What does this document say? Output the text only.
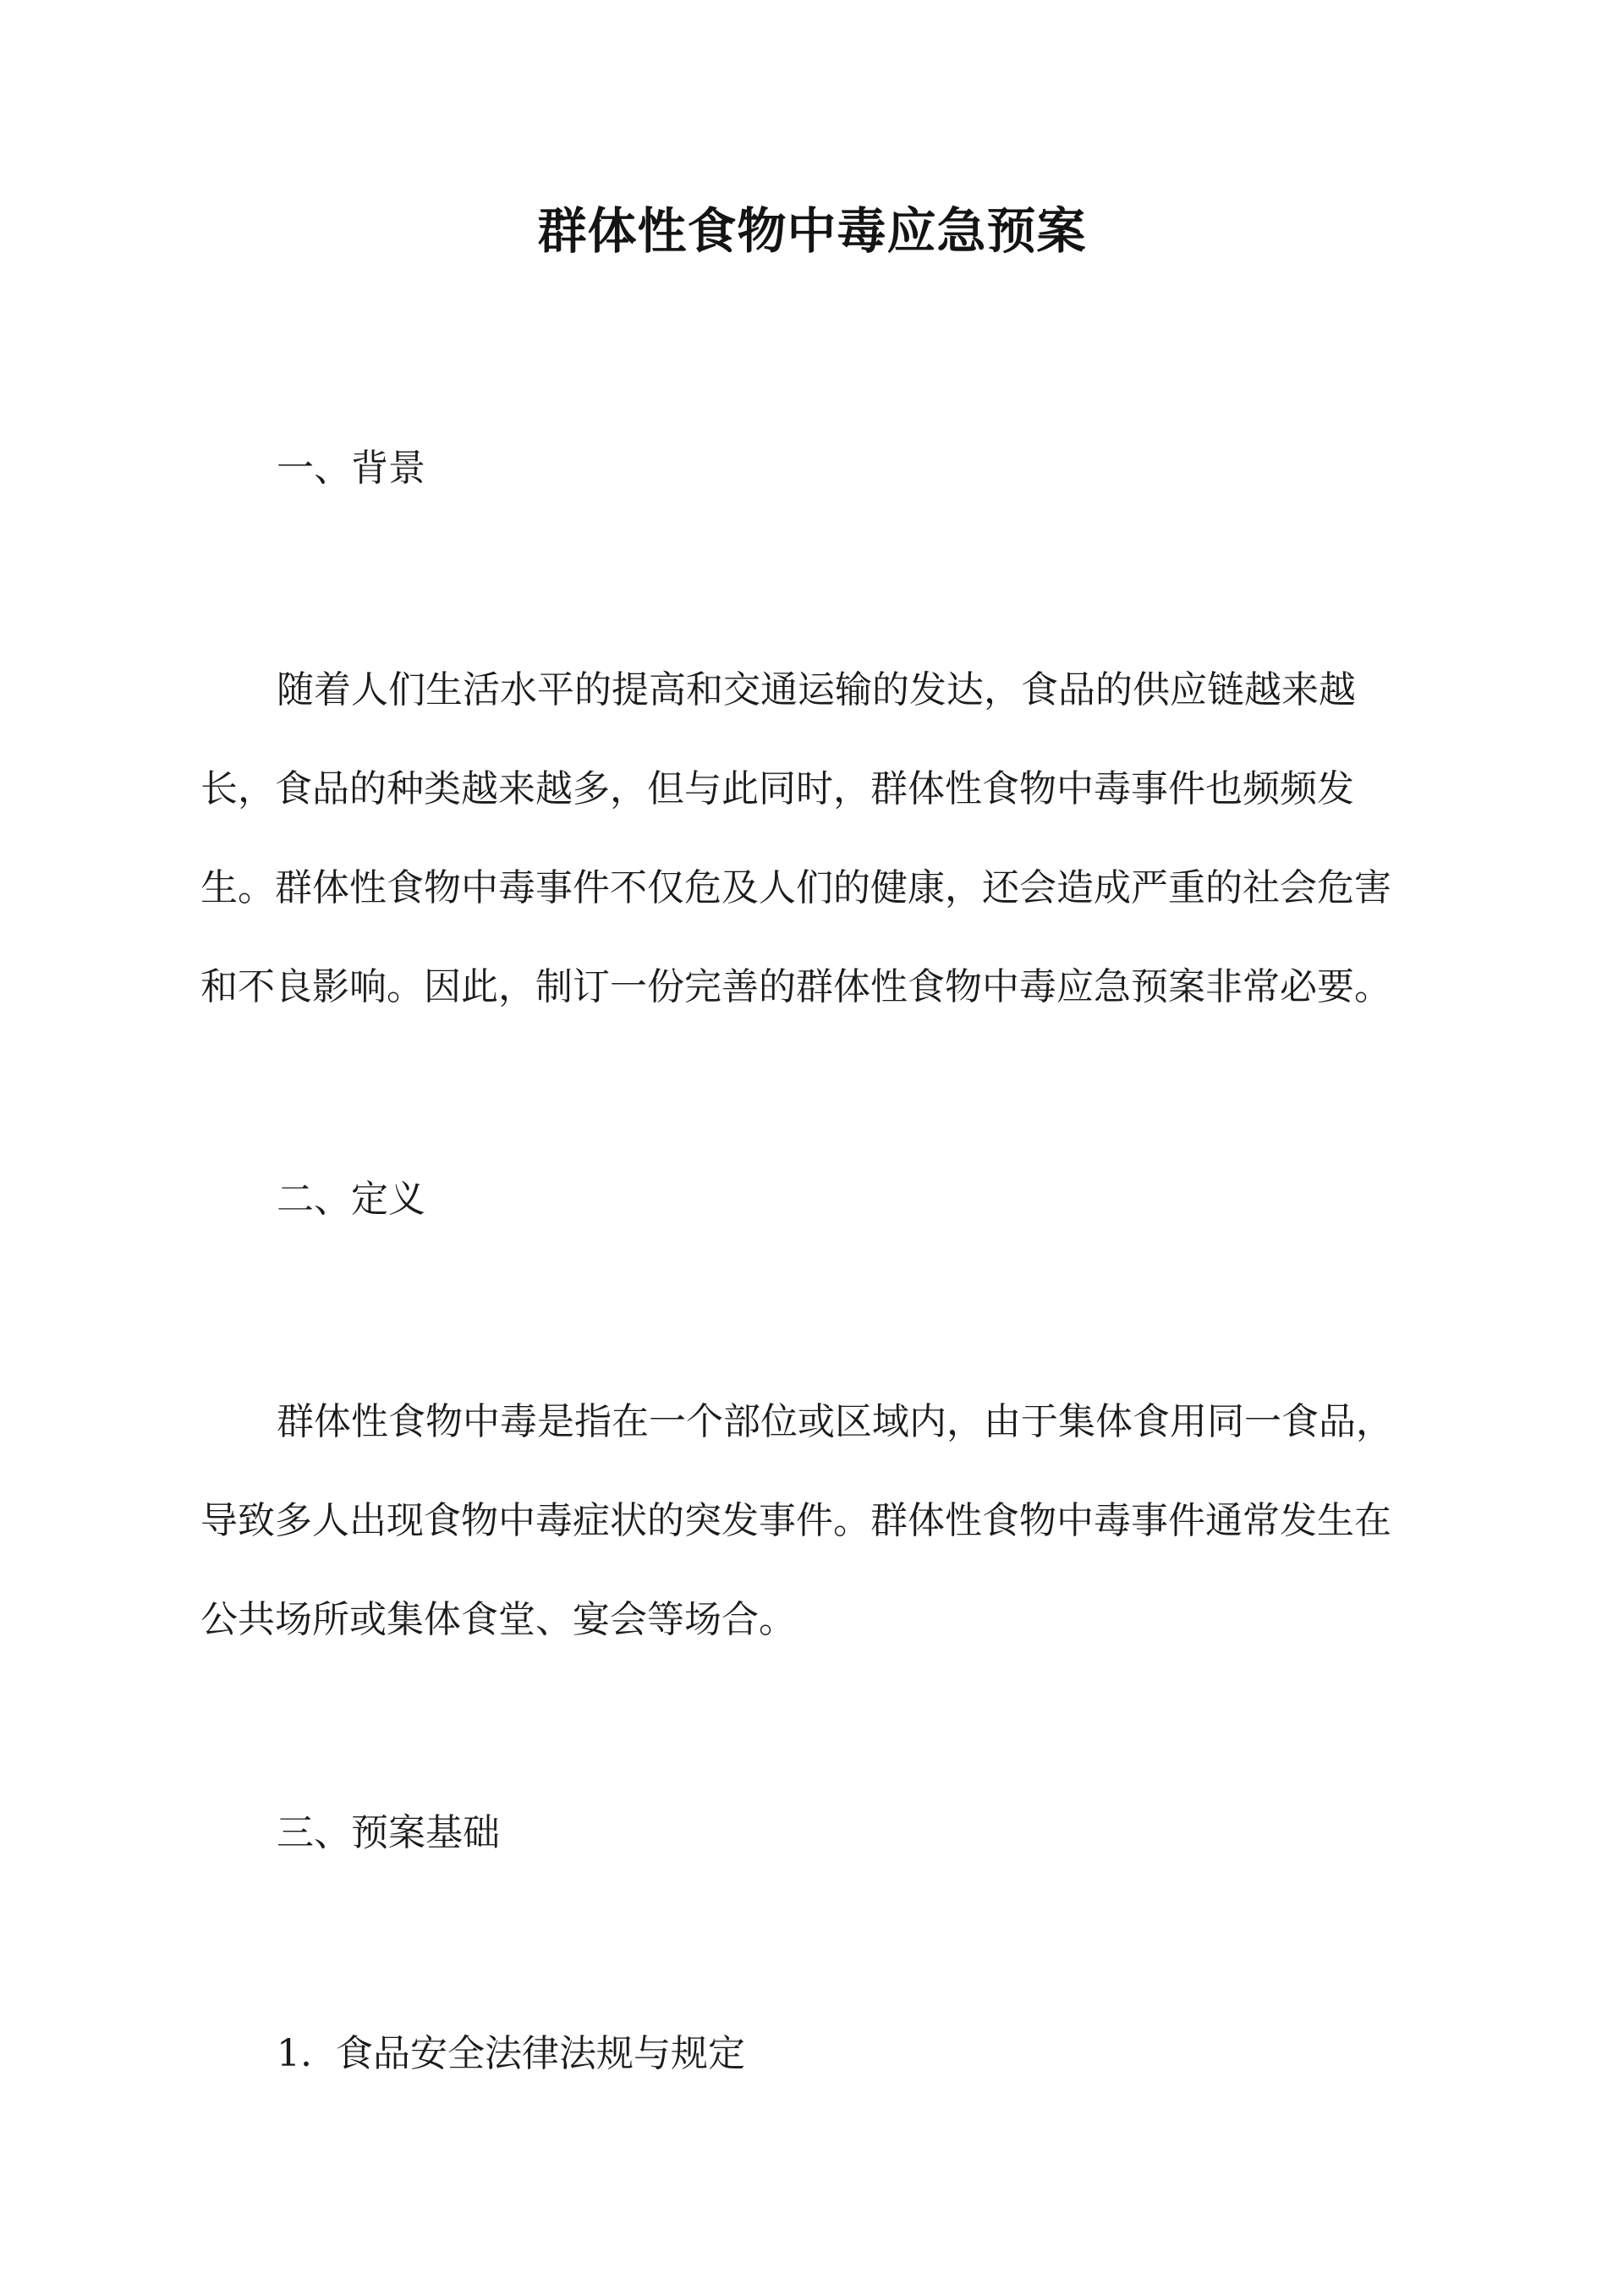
群体性食物中毒应急预案
一、背景

随着人们生活水平的提高和交通运输的发达，食品的供应链越来越长，食品的种类越来越多，但与此同时，群体性食物中毒事件也频频发生。群体性食物中毒事件不仅危及人们的健康，还会造成严重的社会危害和不良影响。因此，制订一份完善的群体性食物中毒应急预案非常必要。

二、定义

群体性食物中毒是指在一个部位或区域内，由于集体食用同一食品，导致多人出现食物中毒症状的突发事件。群体性食物中毒事件通常发生在公共场所或集体食堂、宴会等场合。

三、预案基础
1. 食品安全法律法规与规定
